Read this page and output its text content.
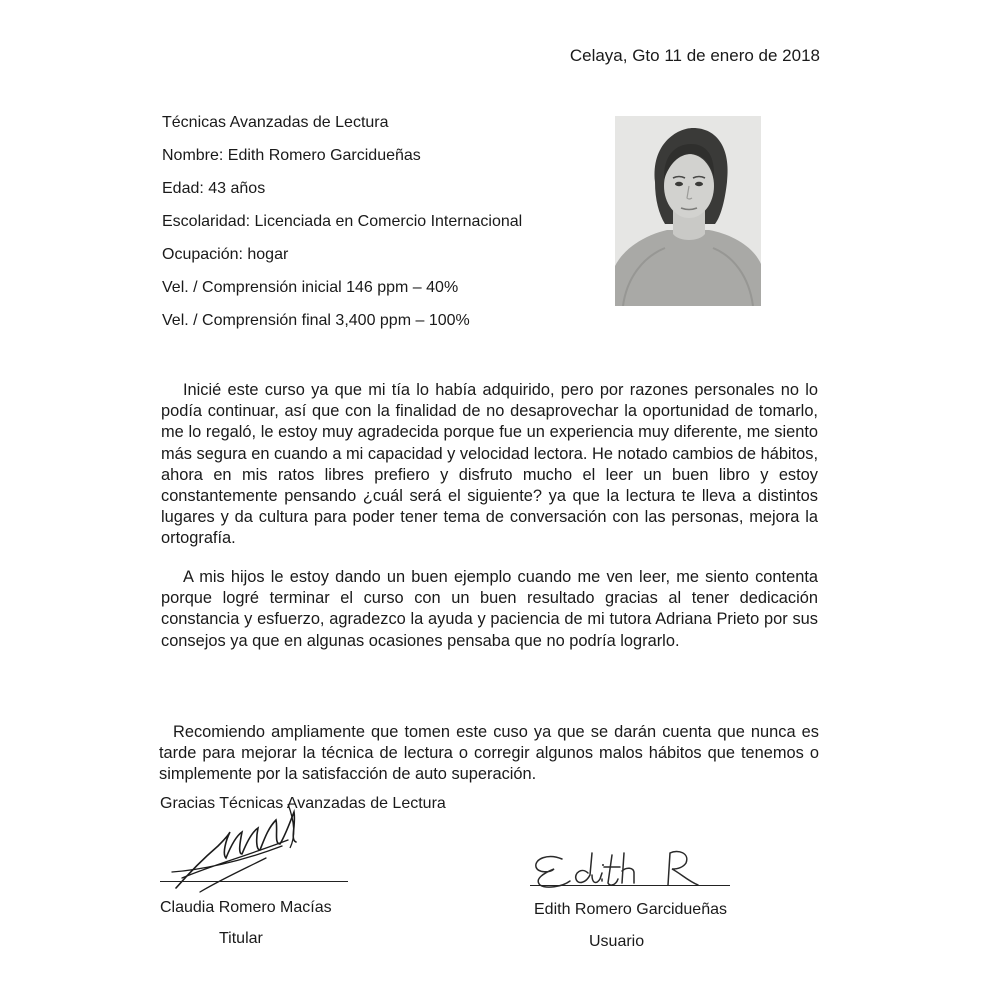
Celaya, Gto 11 de enero de 2018
Técnicas Avanzadas de Lectura
Nombre: Edith Romero Garcidueñas
Edad: 43 años
Escolaridad: Licenciada en Comercio Internacional
Ocupación: hogar
Vel. / Comprensión inicial 146 ppm – 40%
Vel. / Comprensión final 3,400 ppm – 100%

Inicié este curso ya que mi tía lo había adquirido, pero por razones personales no lo podía continuar, así que con la finalidad de no desaprovechar la oportunidad de tomarlo, me lo regaló, le estoy muy agradecida porque fue un experiencia muy diferente, me siento más segura en cuando a mi capacidad y velocidad lectora. He notado cambios de hábitos, ahora en mis ratos libres prefiero y disfruto mucho el leer un buen libro y estoy constantemente pensando ¿cuál será el siguiente? ya que la lectura te lleva a distintos lugares y da cultura para poder tener tema de conversación con las personas, mejora la ortografía.

A mis hijos le estoy dando un buen ejemplo cuando me ven leer, me siento contenta porque logré terminar el curso con un buen resultado gracias al tener dedicación constancia y esfuerzo, agradezco la ayuda y paciencia de mi tutora Adriana Prieto por sus consejos ya que en algunas ocasiones pensaba que no podría lograrlo.

Recomiendo ampliamente que tomen este cuso ya que se darán cuenta que nunca es tarde para mejorar la técnica de lectura o corregir algunos malos hábitos que tenemos o simplemente por la satisfacción de auto superación.

Gracias Técnicas Avanzadas de Lectura
Claudia Romero Macías
Titular
Edith Romero Garcidueñas
Usuario
